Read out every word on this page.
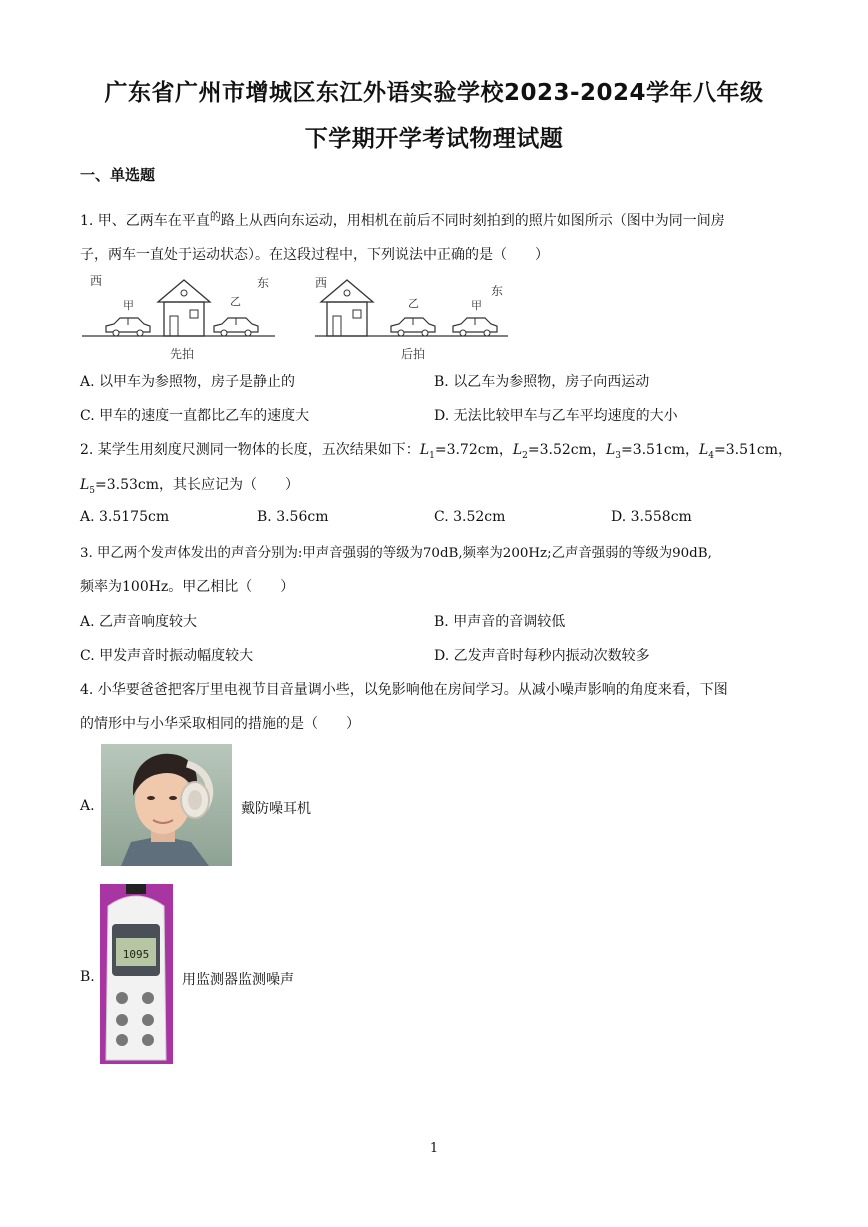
广东省广州市增城区东江外语实验学校2023-2024学年八年级
下学期开学考试物理试题
一、单选题
1. 甲、乙两车在平直$^的$路上从西向东运动，用相机在前后不同时刻拍到的照片如图所示（图中为同一间房
子，两车一直处于运动状态）。在这段过程中，下列说法中正确的是（　　）
西	东
甲	乙
先拍
西
东
乙	甲
后拍
A. 以甲车为参照物，房子是静止的	B. 以乙车为参照物，房子向西运动
C. 甲车的速度一直都比乙车的速度大	D. 无法比较甲车与乙车平均速度的大小
2. 某学生用刻度尺测同一物体的长度，五次结果如下：$L_1=3.72cm$，$L_2=3.52cm$，$L_3=3.51cm$，$L_4=3.51cm$，
$L_5=3.53cm$，其长应记为（　　）
A. 3.5175cm	B. 3.56cm	C. 3.52cm	D. 3.558cm
3. 甲乙两个发声体发出的声音分别为:甲声音强弱的等级为70dB,频率为200Hz;乙声音强弱的等级为90dB,
频率为100Hz。甲乙相比（　　）
A. 乙声音响度较大	B. 甲声音的音调较低
C. 甲发声音时振动幅度较大	D. 乙发声音时每秒内振动次数较多
4. 小华要爸爸把客厅里电视节目音量调小些，以免影响他在房间学习。从减小噪声影响的角度来看，下图
的情形中与小华采取相同的措施的是（　　）
A.	戴防噪耳机
B.
1095
用监测器监测噪声
1
